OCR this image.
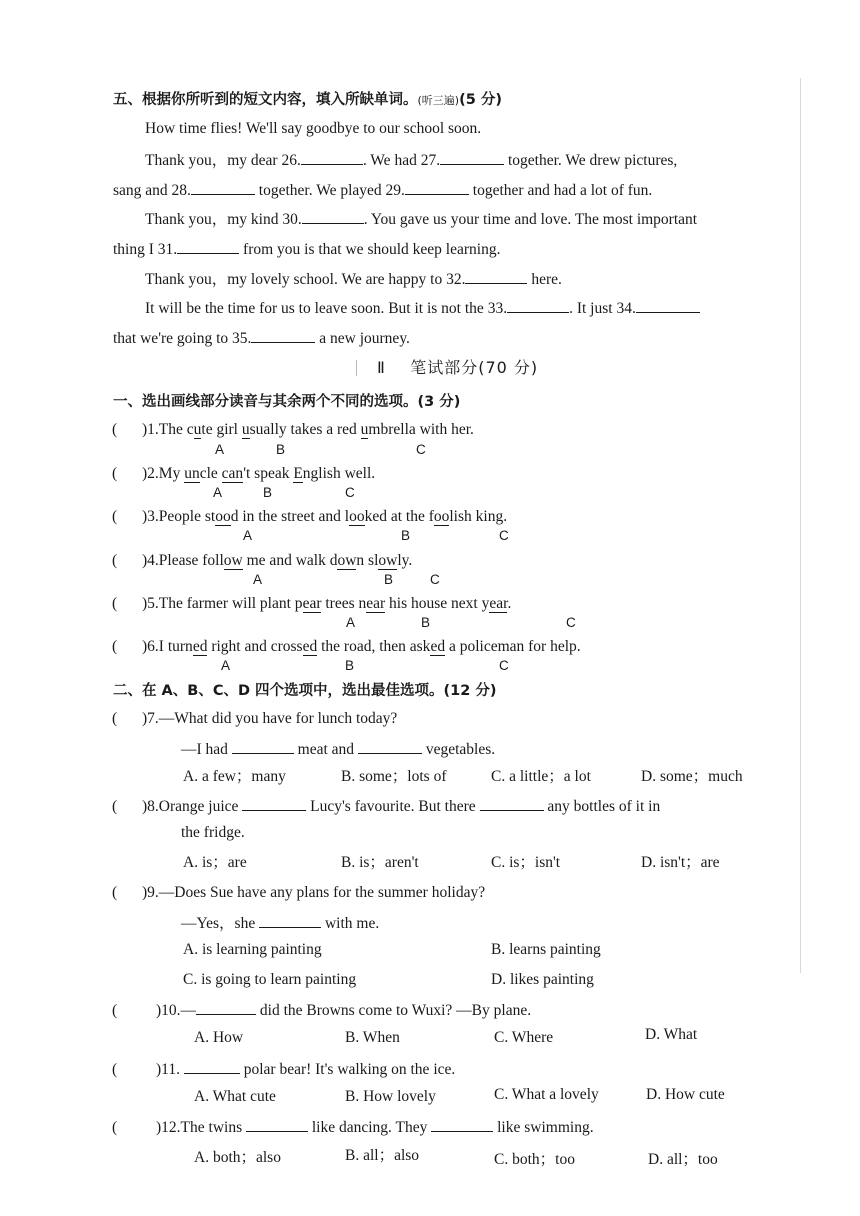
五、根据你所听到的短文内容，填入所缺单词。(听三遍)(5 分)
How time flies! We'll say goodbye to our school soon.
Thank you，my dear 26.	. We had 27.	together. We drew pictures,
sang and 28.	together. We played 29.	together and had a lot of fun.
Thank you，my kind 30.	. You gave us your time and love. The most important
thing I 31.	from you is that we should keep learning.
Thank you，my lovely school. We are happy to 32.	here.
It will be the time for us to leave soon. But it is not the 33.	. It just 34.
that we're going to 35.	a new journey.
Ⅱ 笔试部分(70 分)
一、选出画线部分读音与其余两个不同的选项。(3 分)
( )1.The cute girl usually takes a red umbrella with her.
A	B	C
( )2.My uncle can't speak English well.
A	B	C
( )3.People stood in the street and looked at the foolish king.
A	B	C
( )4.Please follow me and walk down slowly.
A	B	C
( )5.The farmer will plant pear trees near his house next year.
A	B	C
( )6.I turned right and crossed the road, then asked a policeman for help.
A	B	C
二、在 A、B、C、D 四个选项中，选出最佳选项。(12 分)
( )7.—What did you have for lunch today?
—I had	meat and	vegetables.
A. a few；many	B. some；lots of	C. a little；a lot	D. some；much
( )8.Orange juice	Lucy's favourite. But there	any bottles of it in
the fridge.
A. is；are	B. is；aren't	C. is；isn't	D. isn't；are
( )9.—Does Sue have any plans for the summer holiday?
—Yes，she	with me.
A. is learning painting	B. learns painting
C. is going to learn painting	D. likes painting
(	)10.—	did the Browns come to Wuxi? —By plane.
A. How	B. When	C. Where	D. What
(	)11.	polar bear! It's walking on the ice.
A. What cute	B. How lovely	C. What a lovely	D. How cute
(	)12.The twins	like dancing. They	like swimming.
A. both；also	B. all；also	C. both；too	D. all；too
